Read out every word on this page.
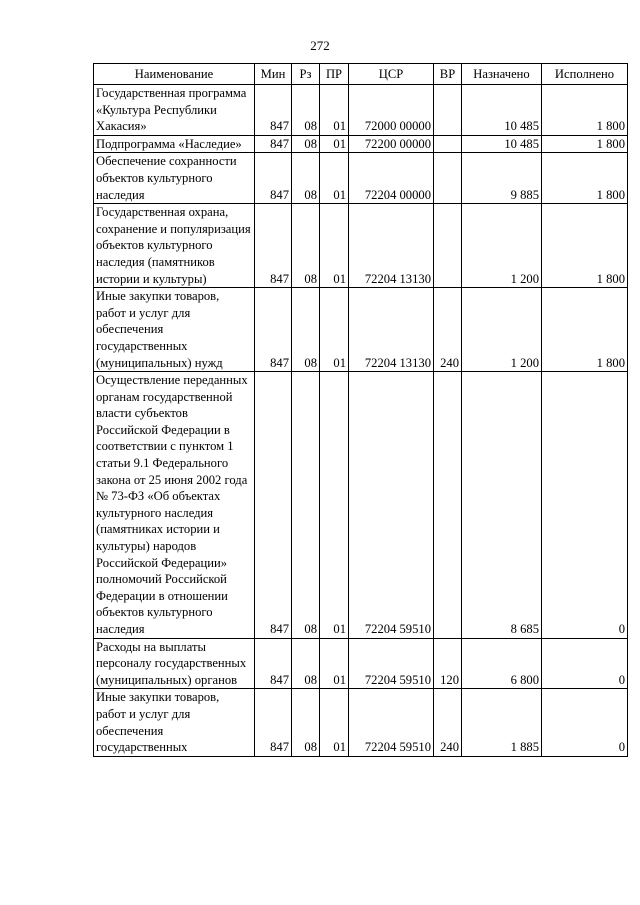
272
Наименование	Мин	Рз	ПР	ЦСР	ВР	Назначено	Исполнено
Государственная программа «Культура Республики Хакасия»	847	08	01	72000 00000		10 485	1 800
Подпрограмма «Наследие»	847	08	01	72200 00000		10 485	1 800
Обеспечение сохранности объектов культурного наследия	847	08	01	72204 00000		9 885	1 800
Государственная охрана, сохранение и популяризация объектов культурного наследия (памятников истории и культуры)	847	08	01	72204 13130		1 200	1 800
Иные закупки товаров, работ и услуг для обеспечения государственных (муниципальных) нужд	847	08	01	72204 13130	240	1 200	1 800
Осуществление переданных органам государственной власти субъектов Российской Федерации в соответствии с пунктом 1 статьи 9.1 Федерального закона от 25 июня 2002 года № 73-ФЗ «Об объектах культурного наследия (памятниках истории и культуры) народов Российской Федерации» полномочий Российской Федерации в отношении объектов культурного наследия	847	08	01	72204 59510		8 685	0
Расходы на выплаты персоналу государственных (муниципальных) органов	847	08	01	72204 59510	120	6 800	0
Иные закупки товаров, работ и услуг для обеспечения государственных	847	08	01	72204 59510	240	1 885	0
